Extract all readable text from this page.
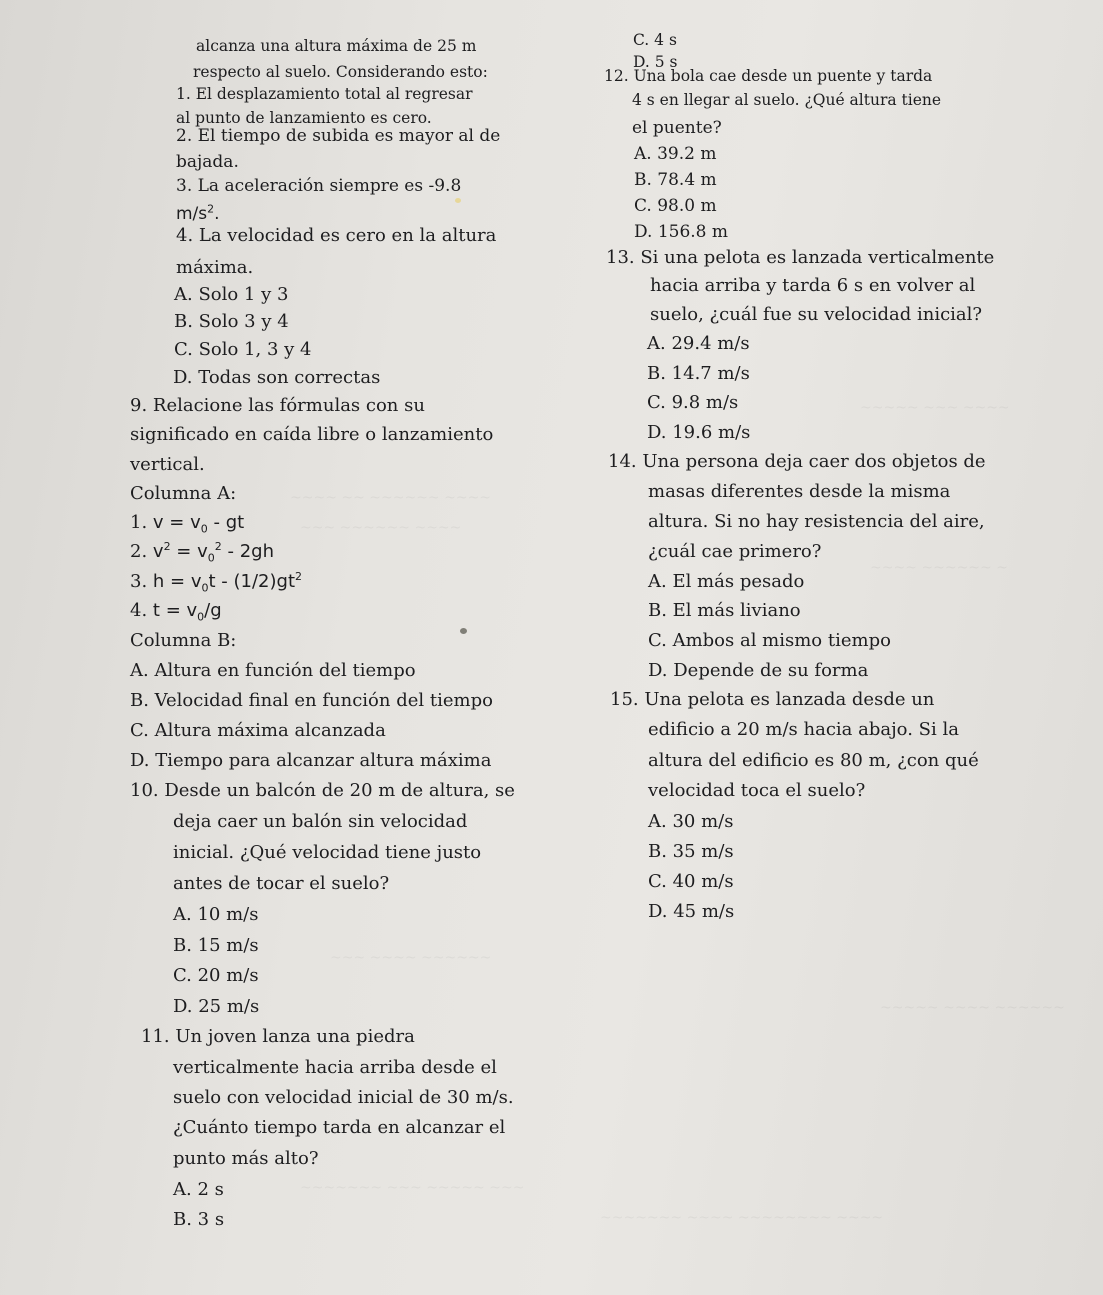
~~~~ ~~ ~~~~~~ ~~~~
~~~ ~~~~~~ ~~~~
~~~~~ ~~~ ~~~~
~~~~ ~~~~~~ ~
~~~ ~~~~ ~~~~~~
~~~~~~~ ~~~ ~~~~~ ~~~
~~~~~~~ ~~~~ ~~~~~~~~ ~~~~
~~~~~ ~~~~ ~~~~~~
alcanza una altura máxima de 25 m
respecto al suelo. Considerando esto:
1. El desplazamiento total al regresar
al punto de lanzamiento es cero.
2. El tiempo de subida es mayor al de
bajada.
3. La aceleración siempre es -9.8
$m/s^2$.
4. La velocidad es cero en la altura
máxima.
A. Solo 1 y 3
B. Solo 3 y 4
C. Solo 1, 3 y 4
D. Todas son correctas
9. Relacione las fórmulas con su
significado en caída libre o lanzamiento
vertical.
Columna A:
1. $v = v_0$ - gt
2. $v^2 = v_0^2 - 2gh$
3. $h = v_0t - (1/2)gt^2$
4. $t = v_0/g$
Columna B:
A. Altura en función del tiempo
B. Velocidad final en función del tiempo
C. Altura máxima alcanzada
D. Tiempo para alcanzar altura máxima
10. Desde un balcón de 20 m de altura, se
deja caer un balón sin velocidad
inicial. ¿Qué velocidad tiene justo
antes de tocar el suelo?
A. 10 m/s
B. 15 m/s
C. 20 m/s
D. 25 m/s
11. Un joven lanza una piedra
verticalmente hacia arriba desde el
suelo con velocidad inicial de 30 m/s.
¿Cuánto tiempo tarda en alcanzar el
punto más alto?
A. 2 s
B. 3 s
C. 4 s
D. 5 s
12. Una bola cae desde un puente y tarda
4 s en llegar al suelo. ¿Qué altura tiene
el puente?
A. 39.2 m
B. 78.4 m
C. 98.0 m
D. 156.8 m
13. Si una pelota es lanzada verticalmente
hacia arriba y tarda 6 s en volver al
suelo, ¿cuál fue su velocidad inicial?
A. 29.4 m/s
B. 14.7 m/s
C. 9.8 m/s
D. 19.6 m/s
14. Una persona deja caer dos objetos de
masas diferentes desde la misma
altura. Si no hay resistencia del aire,
¿cuál cae primero?
A. El más pesado
B. El más liviano
C. Ambos al mismo tiempo
D. Depende de su forma
15. Una pelota es lanzada desde un
edificio a 20 m/s hacia abajo. Si la
altura del edificio es 80 m, ¿con qué
velocidad toca el suelo?
A. 30 m/s
B. 35 m/s
C. 40 m/s
D. 45 m/s
